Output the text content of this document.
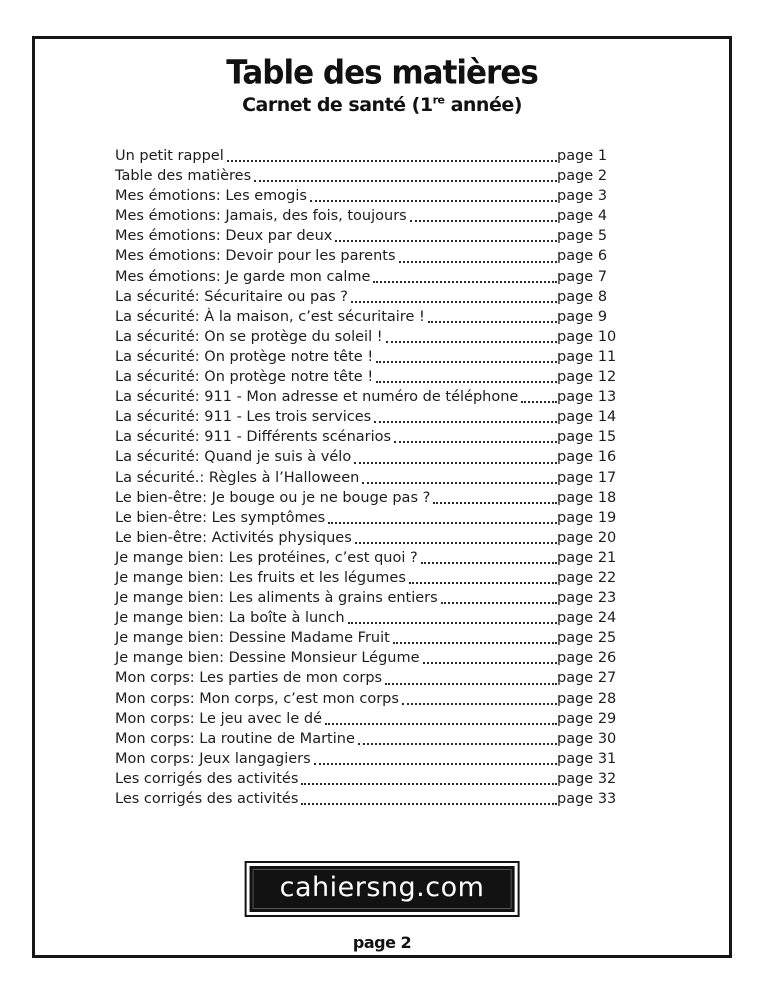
Table des matières
Carnet de santé (1re année)
Un petit rappel	page 1
Table des matières	page 2
Mes émotions: Les emogis	page 3
Mes émotions: Jamais, des fois, toujours	page 4
Mes émotions: Deux par deux	page 5
Mes émotions: Devoir pour les parents	page 6
Mes émotions: Je garde mon calme	page 7
La sécurité: Sécuritaire ou pas ?	page 8
La sécurité: À la maison, c’est sécuritaire !	page 9
La sécurité: On se protège du soleil !	page 10
La sécurité: On protège notre tête !	page 11
La sécurité: On protège notre tête !	page 12
La sécurité: 911 - Mon adresse et numéro de téléphone	page 13
La sécurité: 911 - Les trois services	page 14
La sécurité: 911 - Différents scénarios	page 15
La sécurité: Quand je suis à vélo	page 16
La sécurité.: Règles à l’Halloween	page 17
Le bien-être: Je bouge ou je ne bouge pas ?	page 18
Le bien-être: Les symptômes	page 19
Le bien-être: Activités physiques	page 20
Je mange bien: Les protéines, c’est quoi ?	page 21
Je mange bien: Les fruits et les légumes	page 22
Je mange bien: Les aliments à grains entiers	page 23
Je mange bien: La boîte à lunch	page 24
Je mange bien: Dessine Madame Fruit	page 25
Je mange bien: Dessine Monsieur Légume	page 26
Mon corps: Les parties de mon corps	page 27
Mon corps: Mon corps, c’est mon corps	page 28
Mon corps: Le jeu avec le dé	page 29
Mon corps: La routine de Martine	page 30
Mon corps: Jeux langagiers	page 31
Les corrigés des activités	page 32
Les corrigés des activités	page 33
cahiersng.com
page 2
